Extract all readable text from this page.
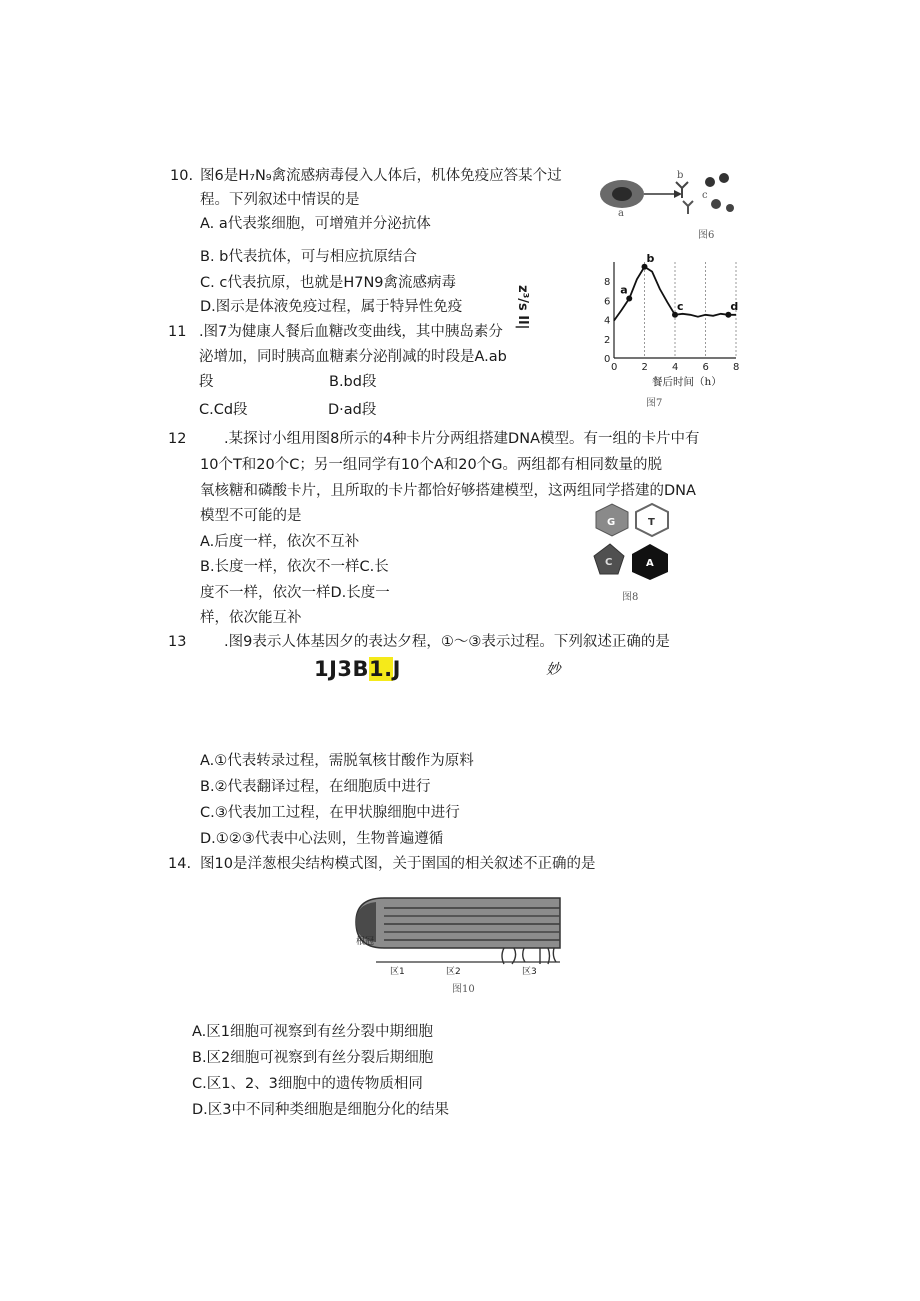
10. 图6是H₇N₉禽流感病毒侵入人体后，机体免疫应答某个过
程。下列叙述中情误的是
A. a代表浆细胞，可增殖并分泌抗体
B. b代表抗体，可与相应抗原结合
C. c代表抗原，也就是H7N9禽流感病毒
D.图示是体液免疫过程，属于特异性免疫
a
b
c
图6
11 .图7为健康人餐后血糖改变曲线，其中胰岛素分
泌增加，同时胰高血糖素分泌削减的时段是A.ab
段	B.bd段
C.Cd段	D·ad段
z³/s Il|
8
6
4
2
0
0 2 4 6 8
a
b
c	d
餐后时间（h）
图7
12	.某探讨小组用图8所示的4种卡片分两组搭建DNA模型。有一组的卡片中有
10个T和20个C；另一组同学有10个A和20个G。两组都有相同数量的脱
氧核糖和磷酸卡片，且所取的卡片都恰好够搭建模型，这两组同学搭建的DNA
模型不可能的是
A.后度一样，依次不互补
B.长度一样，依次不一样C.长
度不一样，依次一样D.长度一
样，依次能互补
G	T
C	A
图8
13	.图9表示人体基因夕的表达夕程，①～③表示过程。下列叙述正确的是
1J3B1.J	妙
A.①代表转录过程，需脱氧核甘酸作为原料
B.②代表翻译过程，在细胞质中进行
C.③代表加工过程，在甲状腺细胞中进行
D.①②③代表中心法则，生物普遍遵循
14. 图10是洋葱根尖结构模式图，关于圉国的相关叙述不正确的是
根冠
区1	区2	区3
图10
A.区1细胞可视察到有丝分裂中期细胞
B.区2细胞可视察到有丝分裂后期细胞
C.区1、2、3细胞中的遗传物质相同
D.区3中不同种类细胞是细胞分化的结果
